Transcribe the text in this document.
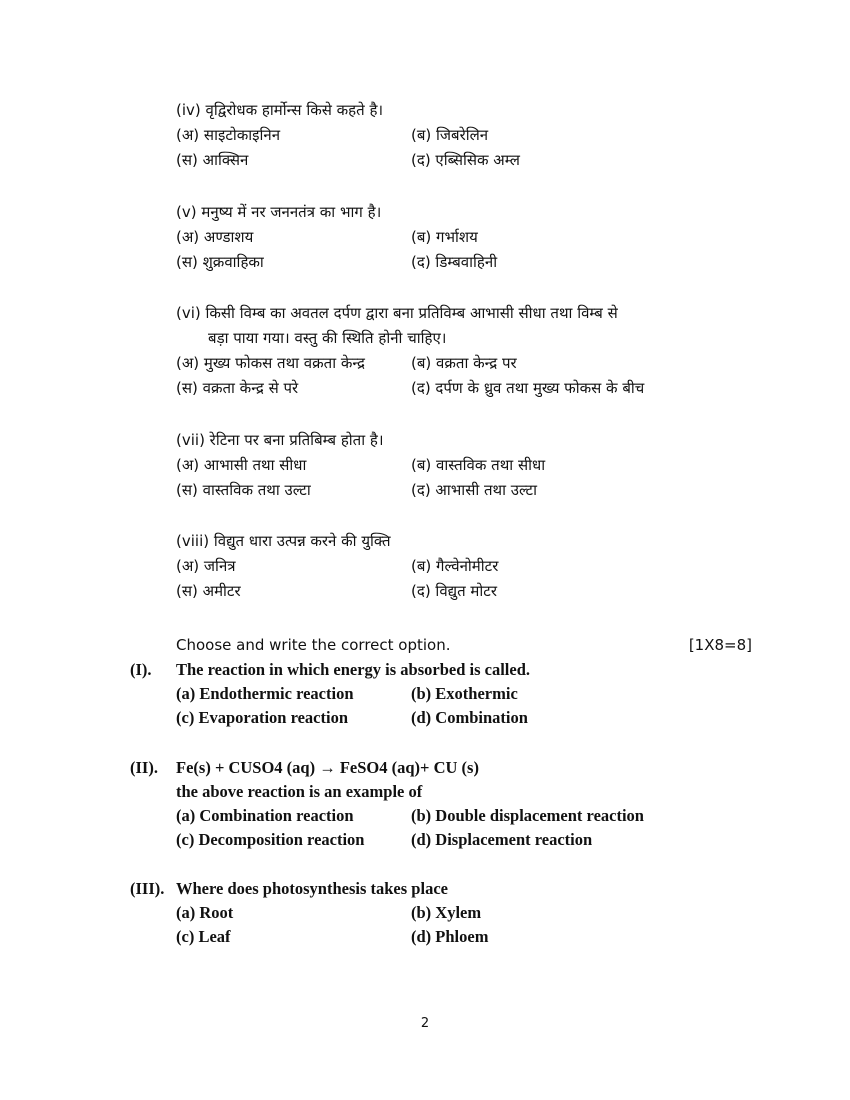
(iv) वृद्विरोधक हार्मोन्स किसे कहते है।
(अ) साइटोकाइनिन	(ब) जिबरेलिन
(स) आक्सिन	(द) एब्सिसिक अम्ल
(v) मनुष्य में नर जननतंत्र का भाग है।
(अ) अण्डाशय	(ब) गर्भाशय
(स) शुक्रवाहिका	(द) डिम्बवाहिनी
(vi) किसी विम्ब का अवतल दर्पण द्वारा बना प्रतिविम्ब आभासी सीधा तथा विम्ब से
बड़ा पाया गया। वस्तु की स्थिति होनी चाहिए।
(अ) मुख्य फोकस तथा वक्रता केन्द्र	(ब) वक्रता केन्द्र पर
(स) वक्रता केन्द्र से परे	(द) दर्पण के ध्रुव तथा मुख्य फोकस के बीच
(vii) रेटिना पर बना प्रतिबिम्ब होता है।
(अ) आभासी तथा सीधा	(ब) वास्तविक तथा सीधा
(स) वास्तविक तथा उल्टा	(द) आभासी तथा उल्टा
(viii) विद्युत धारा उत्पन्न करने की युक्ति
(अ) जनित्र	(ब) गैल्वेनोमीटर
(स) अमीटर	(द) विद्युत मोटर
Choose and write the correct option.	[1X8=8]
(I). The reaction in which energy is absorbed is called.
(a) Endothermic reaction	(b) Exothermic
(c) Evaporation reaction	(d) Combination
(II). Fe(s) + CUSO4 (aq) → FeSO4 (aq)+ CU (s)
the above reaction is an example of
(a) Combination reaction	(b) Double displacement reaction
(c) Decomposition reaction	(d) Displacement reaction
(III). Where does photosynthesis takes place
(a) Root	(b) Xylem
(c) Leaf	(d) Phloem
2
